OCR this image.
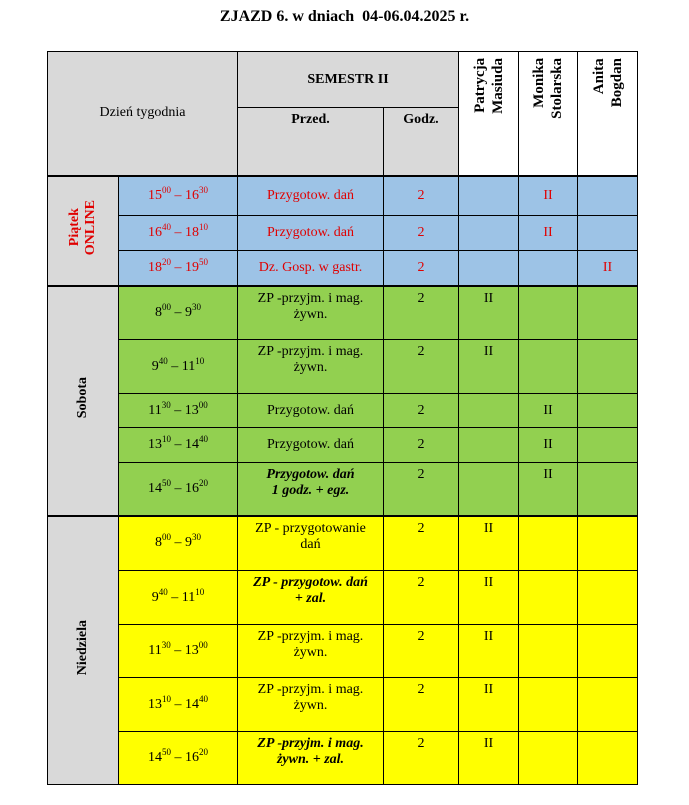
ZJAZD 6. w dniach  04-06.04.2025 r.
Dzień tygodnia		SEMESTR II		Patrycja Masiuda	Monika Stolarska	Anita Bogdan
		Przed.	Godz.			
Piątek
ONLINE	$15^{00} - 16^{30}$	Przygotow. dań	2		II	
	$16^{40} - 18^{10}$	Przygotow. dań	2		II	
	$18^{20} - 19^{50}$	Dz. Gosp. w gastr.	2			II
Sobota	$8^{00} - 9^{30}$	ZP -przyjm. i mag.
żywn.	2	II		
	$9^{40} - 11^{10}$	ZP -przyjm. i mag.
żywn.	2	II		
	$11^{30} - 13^{00}$	Przygotow. dań	2		II	
	$13^{10} - 14^{40}$	Przygotow. dań	2		II	
	$14^{50} - 16^{20}$	Przygotow. dań
1 godz. + egz.	2		II	
Niedziela	$8^{00} - 9^{30}$	ZP - przygotowanie
dań	2	II		
	$9^{40} - 11^{10}$	ZP - przygotow. dań
+ zal.	2	II		
	$11^{30} - 13^{00}$	ZP -przyjm. i mag.
żywn.	2	II		
	$13^{10} - 14^{40}$	ZP -przyjm. i mag.
żywn.	2	II		
	$14^{50} - 16^{20}$	ZP -przyjm. i mag.
żywn. + zal.	2	II		
